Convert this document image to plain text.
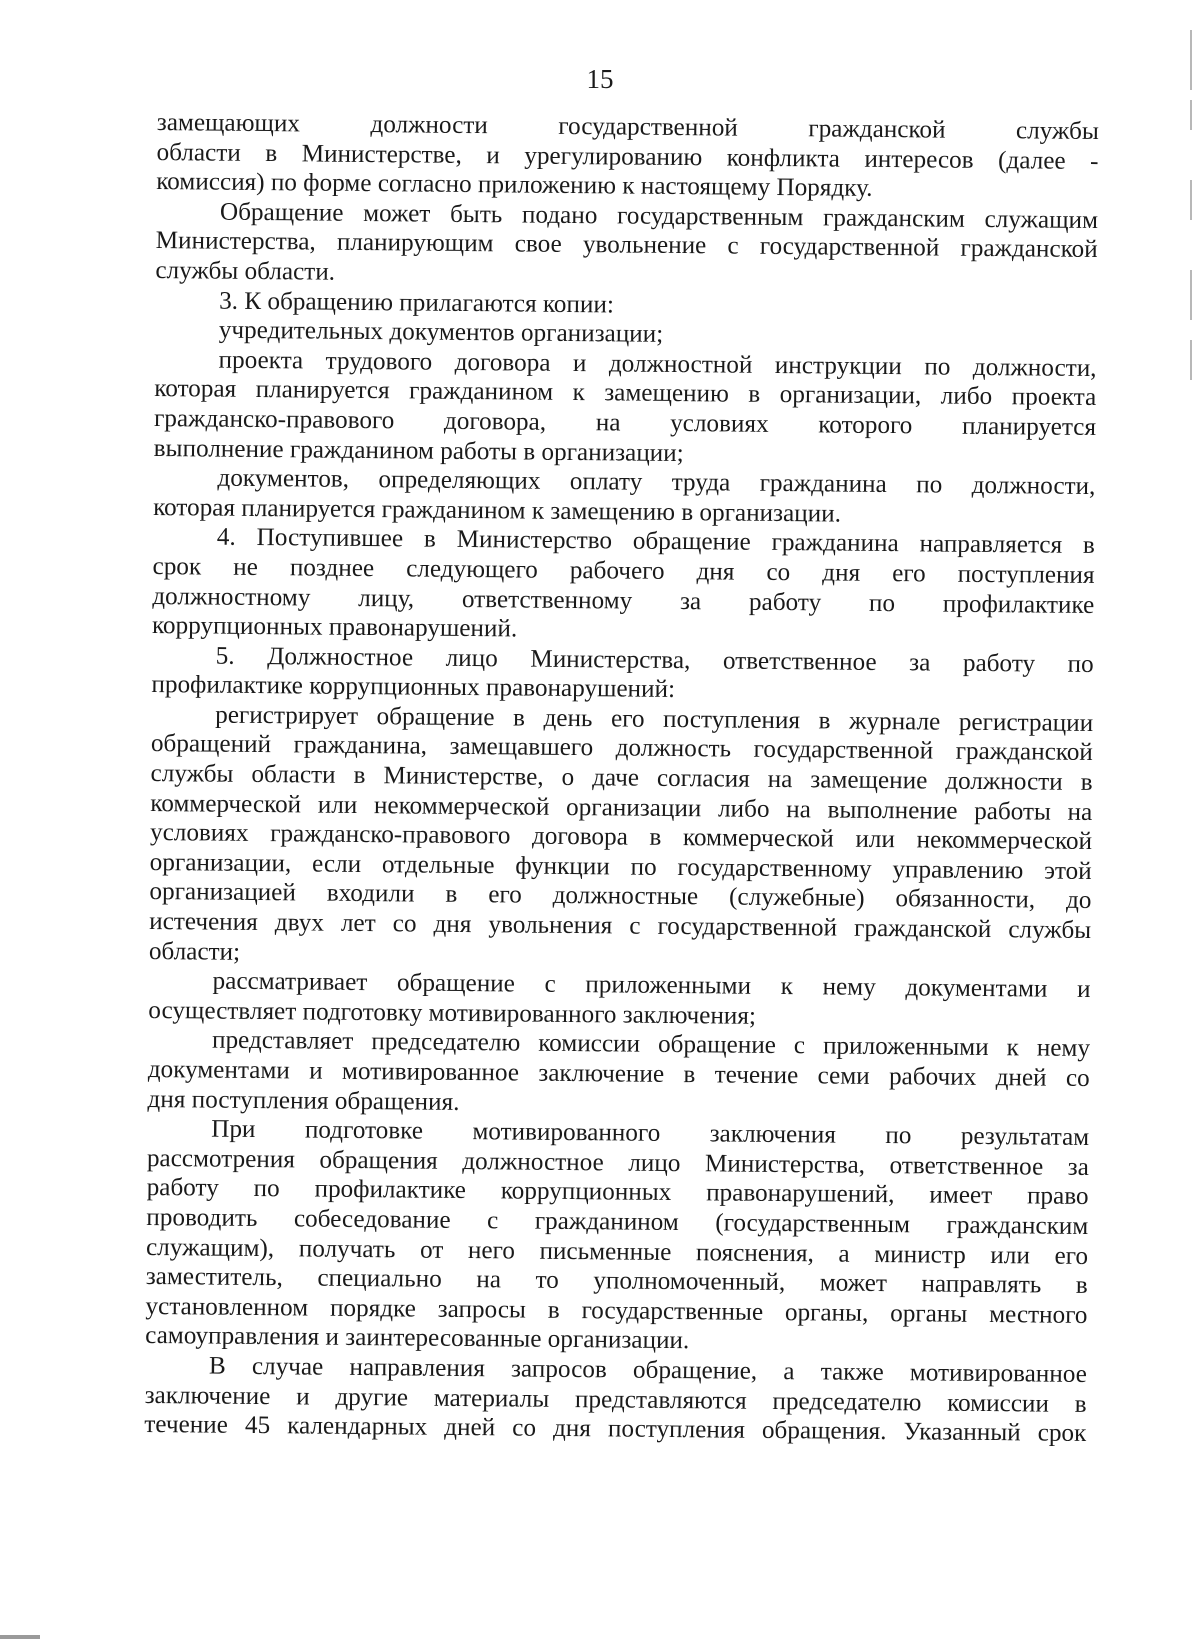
15

замещающих должности государственной гражданской службы
области в Министерстве, и урегулированию конфликта интересов (далее -
комиссия) по форме согласно приложению к настоящему Порядку.

Обращение может быть подано государственным гражданским служащим
Министерства, планирующим свое увольнение с государственной гражданской
службы области.

3. К обращению прилагаются копии:

учредительных документов организации;

проекта трудового договора и должностной инструкции по должности,
которая планируется гражданином к замещению в организации, либо проекта
гражданско-правового договора, на условиях которого планируется
выполнение гражданином работы в организации;

документов, определяющих оплату труда гражданина по должности,
которая планируется гражданином к замещению в организации.

4. Поступившее в Министерство обращение гражданина направляется в
срок не позднее следующего рабочего дня со дня его поступления
должностному лицу, ответственному за работу по профилактике
коррупционных правонарушений.

5. Должностное лицо Министерства, ответственное за работу по
профилактике коррупционных правонарушений:

регистрирует обращение в день его поступления в журнале регистрации
обращений гражданина, замещавшего должность государственной гражданской
службы области в Министерстве, о даче согласия на замещение должности в
коммерческой или некоммерческой организации либо на выполнение работы на
условиях гражданско-правового договора в коммерческой или некоммерческой
организации, если отдельные функции по государственному управлению этой
организацией входили в его должностные (служебные) обязанности, до
истечения двух лет со дня увольнения с государственной гражданской службы
области;

рассматривает обращение с приложенными к нему документами и
осуществляет подготовку мотивированного заключения;

представляет председателю комиссии обращение с приложенными к нему
документами и мотивированное заключение в течение семи рабочих дней со
дня поступления обращения.

При подготовке мотивированного заключения по результатам
рассмотрения обращения должностное лицо Министерства, ответственное за
работу по профилактике коррупционных правонарушений, имеет право
проводить собеседование с гражданином (государственным гражданским
служащим), получать от него письменные пояснения, а министр или его
заместитель, специально на то уполномоченный, может направлять в
установленном порядке запросы в государственные органы, органы местного
самоуправления и заинтересованные организации.

В случае направления запросов обращение, а также мотивированное
заключение и другие материалы представляются председателю комиссии в
течение 45 календарных дней со дня поступления обращения. Указанный срок
